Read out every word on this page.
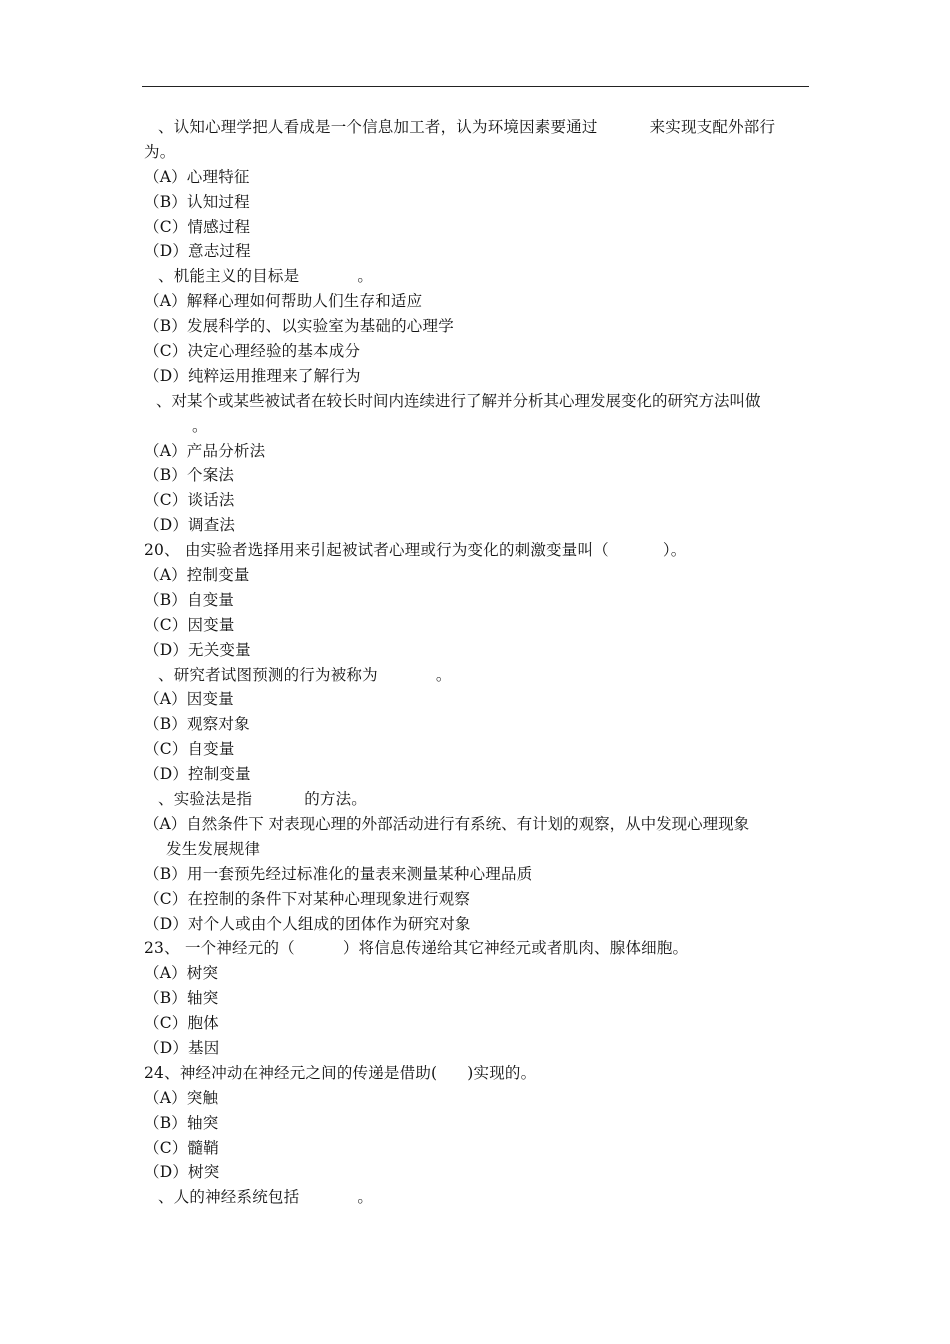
、认知心理学把人看成是一个信息加工者，认为环境因素要通过	来实现支配外部行
为。
（A）心理特征
（B）认知过程
（C）情感过程
（D）意志过程
、机能主义的目标是	。
（A）解释心理如何帮助人们生存和适应
（B）发展科学的、以实验室为基础的心理学
（C）决定心理经验的基本成分
（D）纯粹运用推理来了解行为
、对某个或某些被试者在较长时间内连续进行了解并分析其心理发展变化的研究方法叫做
。
（A）产品分析法
（B）个案法
（C）谈话法
（D）调查法
20、 由实验者选择用来引起被试者心理或行为变化的刺激变量叫（	）。
（A）控制变量
（B）自变量
（C）因变量
（D）无关变量
、研究者试图预测的行为被称为	。
（A）因变量
（B）观察对象
（C）自变量
（D）控制变量
、实验法是指	的方法。
（A）自然条件下 对表现心理的外部活动进行有系统、有计划的观察，从中发现心理现象
发生发展规律
（B）用一套预先经过标准化的量表来测量某种心理品质
（C）在控制的条件下对某种心理现象进行观察
（D）对个人或由个人组成的团体作为研究对象
23、 一个神经元的（	）将信息传递给其它神经元或者肌肉、腺体细胞。
（A）树突
（B）轴突
（C）胞体
（D）基因
24、神经冲动在神经元之间的传递是借助( )实现的。
（A）突触
（B）轴突
（C）髓鞘
（D）树突
、人的神经系统包括	。
